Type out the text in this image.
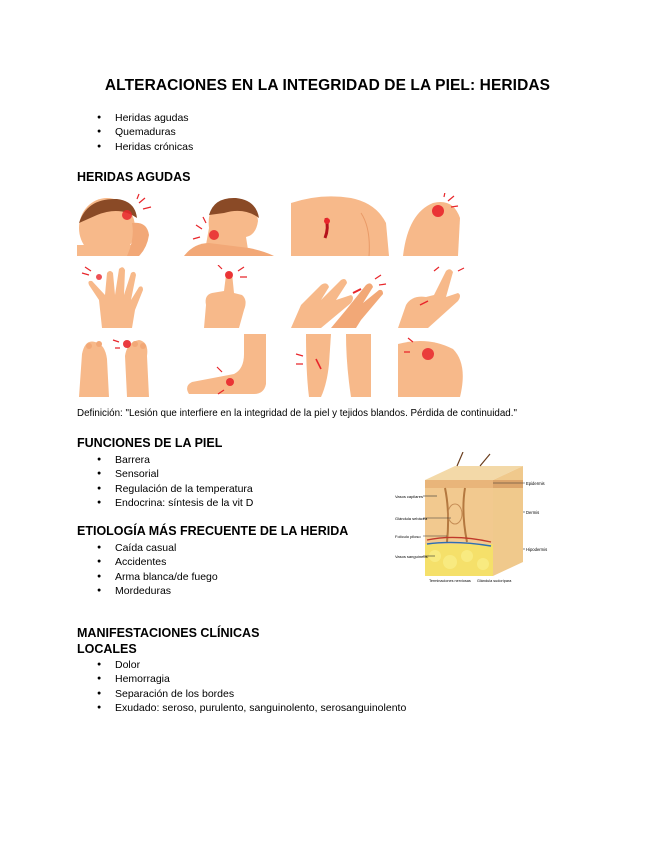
ALTERACIONES EN LA INTEGRIDAD DE LA PIEL: HERIDAS
● Heridas agudas
● Quemaduras
● Heridas crónicas
HERIDAS AGUDAS
Definición: "Lesión que interfiere en la integridad de la piel y tejidos blandos. Pérdida de continuidad."
FUNCIONES DE LA PIEL
● Barrera
● Sensorial
● Regulación de la temperatura
● Endocrina: síntesis de la vit D
ETIOLOGÍA MÁS FRECUENTE DE LA HERIDA
● Caída casual
● Accidentes
● Arma blanca/de fuego
● Mordeduras
Epidermis
Dermis
Hipodermis
Vasos capilares
Glándula sebácea
Folículo piloso
Vasos sanguíneos
Terminaciones nerviosas Glándula sudorípara
MANIFESTACIONES CLÍNICAS
LOCALES
● Dolor
● Hemorragia
● Separación de los bordes
● Exudado: seroso, purulento, sanguinolento, serosanguinolento
